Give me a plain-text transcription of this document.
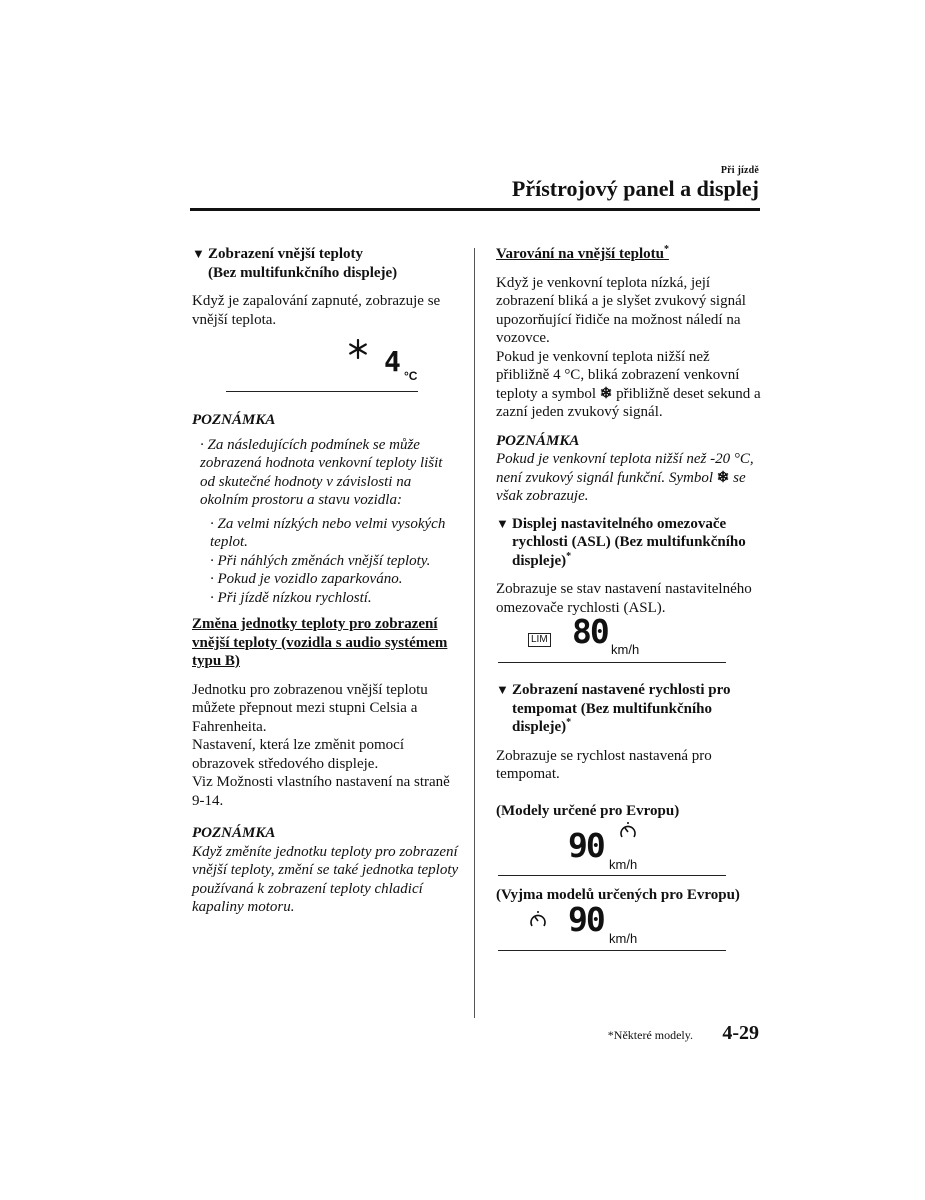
Při jízdě
Přístrojový panel a displej
▼ Zobrazení vnější teploty
(Bez multifunkčního displeje)

Když je zapalování zapnuté, zobrazuje se vnější teplota.

4 °C

POZNÁMKA

· Za následujících podmínek se může zobrazená hodnota venkovní teploty lišit od skutečné hodnoty v závislosti na okolním prostoru a stavu vozidla:
· Za velmi nízkých nebo velmi vysokých teplot.
· Při náhlých změnách vnější teploty.
· Pokud je vozidlo zaparkováno.
· Při jízdě nízkou rychlostí.

Změna jednotky teploty pro zobrazení vnější teploty (vozidla s audio systémem typu B)

Jednotku pro zobrazenou vnější teplotu můžete přepnout mezi stupni Celsia a Fahrenheita.

Nastavení, která lze změnit pomocí obrazovek středového displeje.

Viz Možnosti vlastního nastavení na straně 9-14.

POZNÁMKA

Když změníte jednotku teploty pro zobrazení vnější teploty, změní se také jednotka teploty používaná k zobrazení teploty chladicí kapaliny motoru.

Varování na vnější teplotu*

Když je venkovní teplota nízká, její zobrazení bliká a je slyšet zvukový signál upozorňující řidiče na možnost náledí na vozovce.

Pokud je venkovní teplota nižší než přibližně 4 °C, bliká zobrazení venkovní teploty a symbol ❄ přibližně deset sekund a zazní jeden zvukový signál.

POZNÁMKA

Pokud je venkovní teplota nižší než -20 °C, není zvukový signál funkční. Symbol ❄ se však zobrazuje.

▼ Displej nastavitelného omezovače rychlosti (ASL) (Bez multifunkčního displeje)*

Zobrazuje se stav nastavení nastavitelného omezovače rychlosti (ASL).

LIM 80 km/h
▼ Zobrazení nastavené rychlosti pro tempomat (Bez multifunkčního displeje)*

Zobrazuje se rychlost nastavená pro tempomat.

(Modely určené pro Evropu)

90 km/h

(Vyjma modelů určených pro Evropu)

90 km/h
*Některé modely. 4-29
